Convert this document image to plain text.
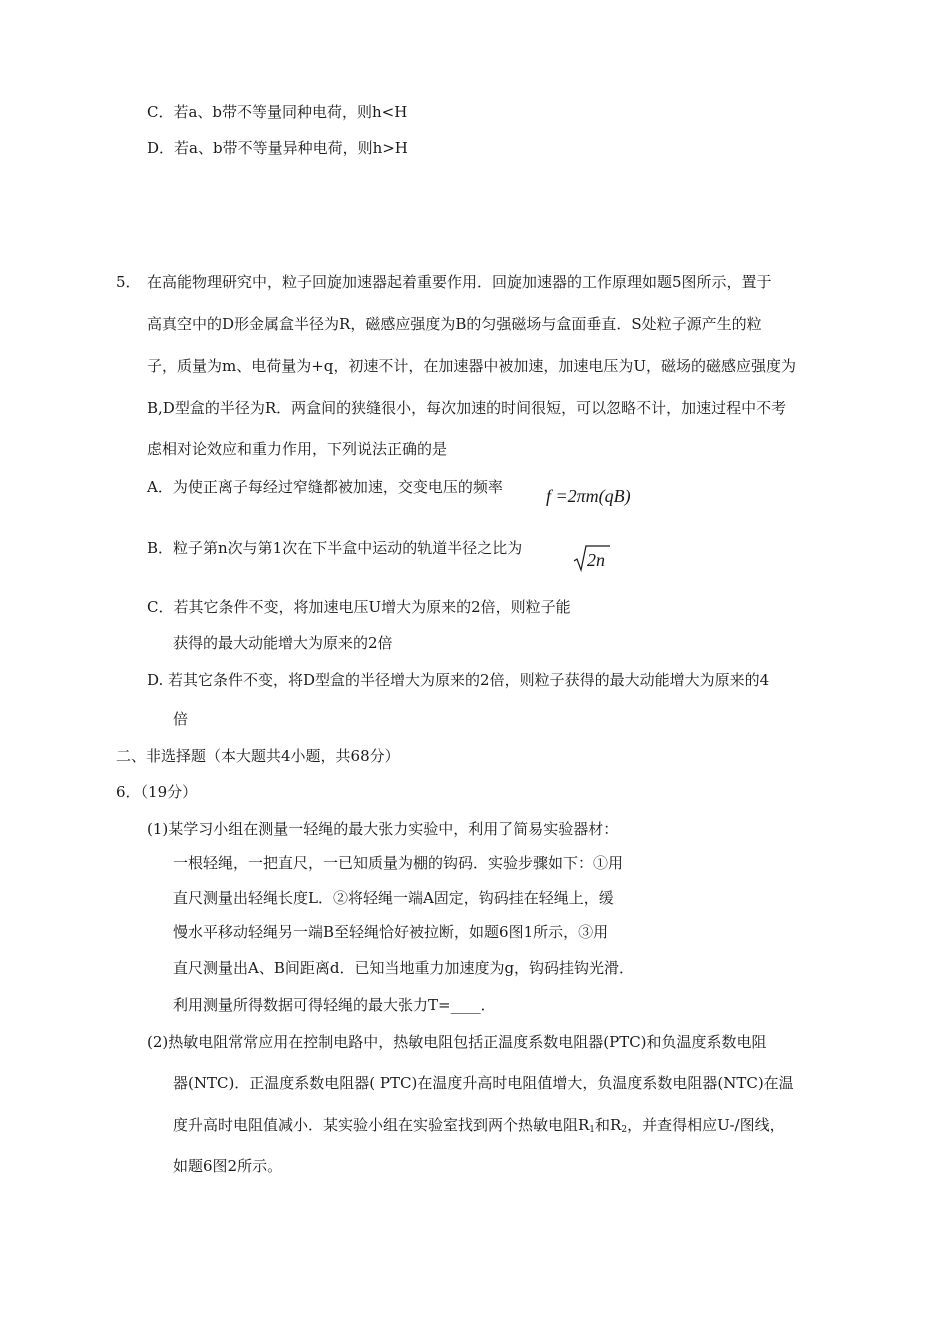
C．若a、b带不等量同种电荷，则h<H
D．若a、b带不等量异种电荷，则h>H
5． 在高能物理研究中，粒子回旋加速器起着重要作用．回旋加速器的工作原理如题5图所示，置于
高真空中的D形金属盒半径为R，磁感应强度为B的匀强磁场与盒面垂直．S处粒子源产生的粒
子，质量为m、电荷量为+q，初速不计，在加速器中被加速，加速电压为U，磁场的磁感应强度为
B,D型盒的半径为R．两盒间的狭缝很小，每次加速的时间很短，可以忽略不计，加速过程中不考
虑相对论效应和重力作用，下列说法正确的是
A．为使正离子每经过窄缝都被加速，交变电压的频率 f =2πm(qB)
B．粒子第n次与第1次在下半盒中运动的轨道半径之比为
2n
C．若其它条件不变，将加速电压U增大为原来的2倍，则粒子能
获得的最大动能增大为原来的2倍
D. 若其它条件不变，将D型盒的半径增大为原来的2倍，则粒子获得的最大动能增大为原来的4
倍
二、非选择题（本大题共4小题，共68分）
6．（19分）
(1)某学习小组在测量一轻绳的最大张力实验中，利用了简易实验器材：
一根轻绳，一把直尺，一已知质量为棚的钩码．实验步骤如下：①用
直尺测量出轻绳长度L．②将轻绳一端A固定，钩码挂在轻绳上，缓
慢水平移动轻绳另一端B至轻绳恰好被拉断，如题6图1所示，③用
直尺测量出A、B间距离d．已知当地重力加速度为g，钩码挂钩光滑．
利用测量所得数据可得轻绳的最大张力T=____．
(2)热敏电阻常常应用在控制电路中，热敏电阻包括正温度系数电阻器(PTC)和负温度系数电阻
器(NTC)．正温度系数电阻器( PTC)在温度升高时电阻值增大，负温度系数电阻器(NTC)在温
度升高时电阻值减小．某实验小组在实验室找到两个热敏电阻$R_1$和$R_2$，并查得相应U-/图线，
如题6图2所示。
